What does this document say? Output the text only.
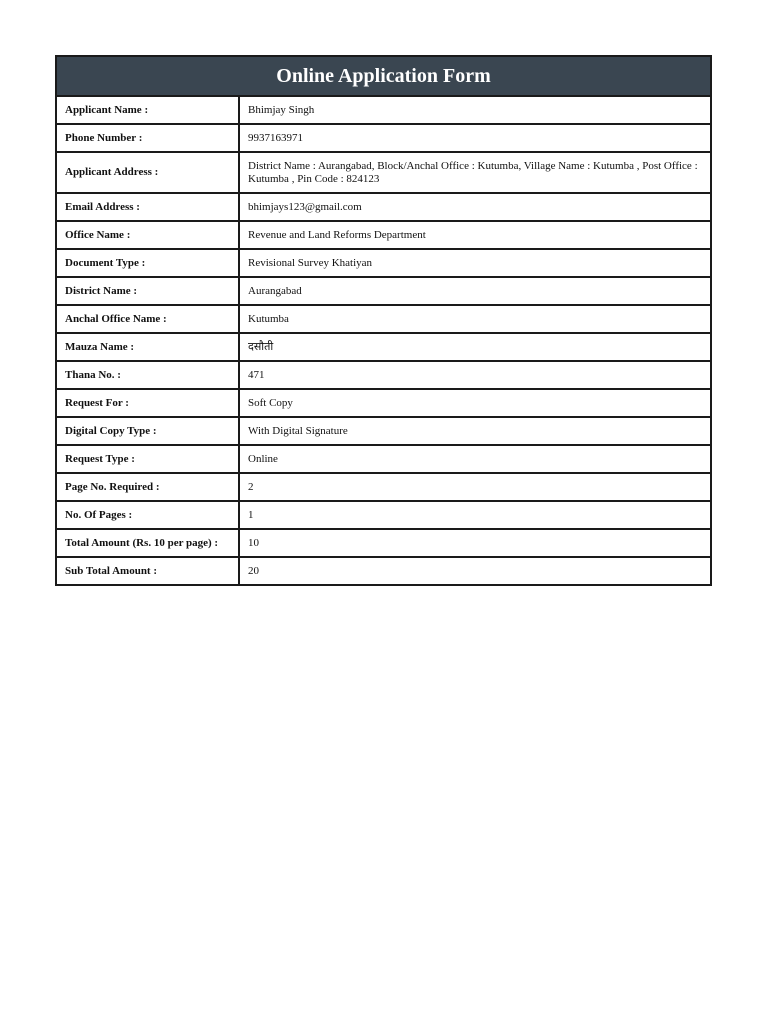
Online Application Form
Applicant Name :	Bhimjay Singh
Phone Number :	9937163971
Applicant Address :	District Name : Aurangabad, Block/Anchal Office : Kutumba, Village Name : Kutumba , Post Office : Kutumba , Pin Code : 824123
Email Address :	bhimjays123@gmail.com
Office Name :	Revenue and Land Reforms Department
Document Type :	Revisional Survey Khatiyan
District Name :	Aurangabad
Anchal Office Name :	Kutumba
Mauza Name :	दसौती
Thana No. :	471
Request For :	Soft Copy
Digital Copy Type :	With Digital Signature
Request Type :	Online
Page No. Required :	2
No. Of Pages :	1
Total Amount (Rs. 10 per page) :	10
Sub Total Amount :	20
